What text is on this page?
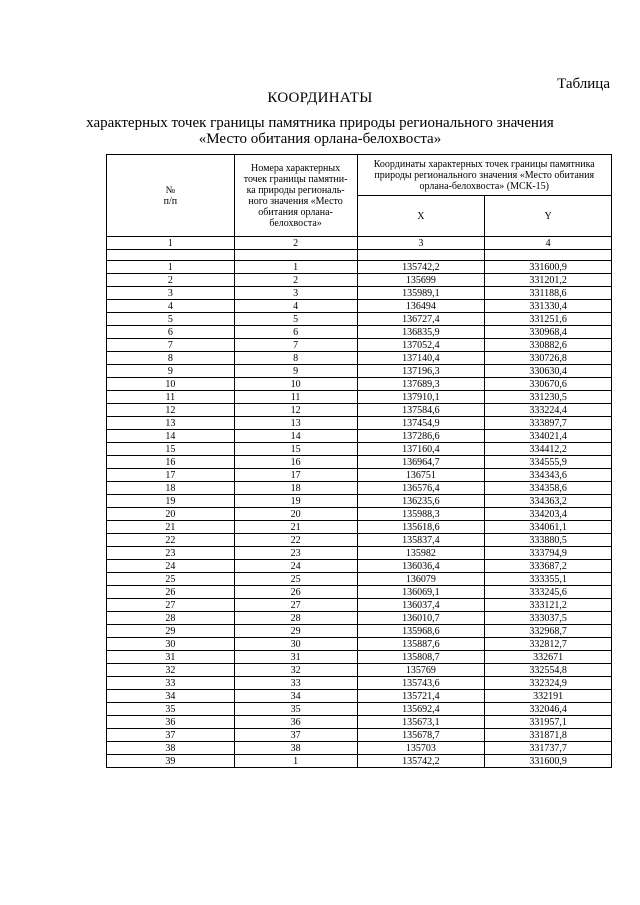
Таблица
КООРДИНАТЫ
характерных точек границы памятника природы регионального значения
«Место обитания орлана-белохвоста»
№
п/п	Номера характерных точек границы памятни-ка природы региональ-ного значения «Место обитания орлана-белохвоста»	Координаты характерных точек границы памятника природы регионального значения «Место обитания орлана-белохвоста» (МСК-15)	
		X	Y
1	2	3	4

1	1	135742,2	331600,9
2	2	135699	331201,2
3	3	135989,1	331188,6
4	4	136494	331330,4
5	5	136727,4	331251,6
6	6	136835,9	330968,4
7	7	137052,4	330882,6
8	8	137140,4	330726,8
9	9	137196,3	330630,4
10	10	137689,3	330670,6
11	11	137910,1	331230,5
12	12	137584,6	333224,4
13	13	137454,9	333897,7
14	14	137286,6	334021,4
15	15	137160,4	334412,2
16	16	136964,7	334555,9
17	17	136751	334343,6
18	18	136576,4	334358,6
19	19	136235,6	334363,2
20	20	135988,3	334203,4
21	21	135618,6	334061,1
22	22	135837,4	333880,5
23	23	135982	333794,9
24	24	136036,4	333687,2
25	25	136079	333355,1
26	26	136069,1	333245,6
27	27	136037,4	333121,2
28	28	136010,7	333037,5
29	29	135968,6	332968,7
30	30	135887,6	332812,7
31	31	135808,7	332671
32	32	135769	332554,8
33	33	135743,6	332324,9
34	34	135721,4	332191
35	35	135692,4	332046,4
36	36	135673,1	331957,1
37	37	135678,7	331871,8
38	38	135703	331737,7
39	1	135742,2	331600,9
